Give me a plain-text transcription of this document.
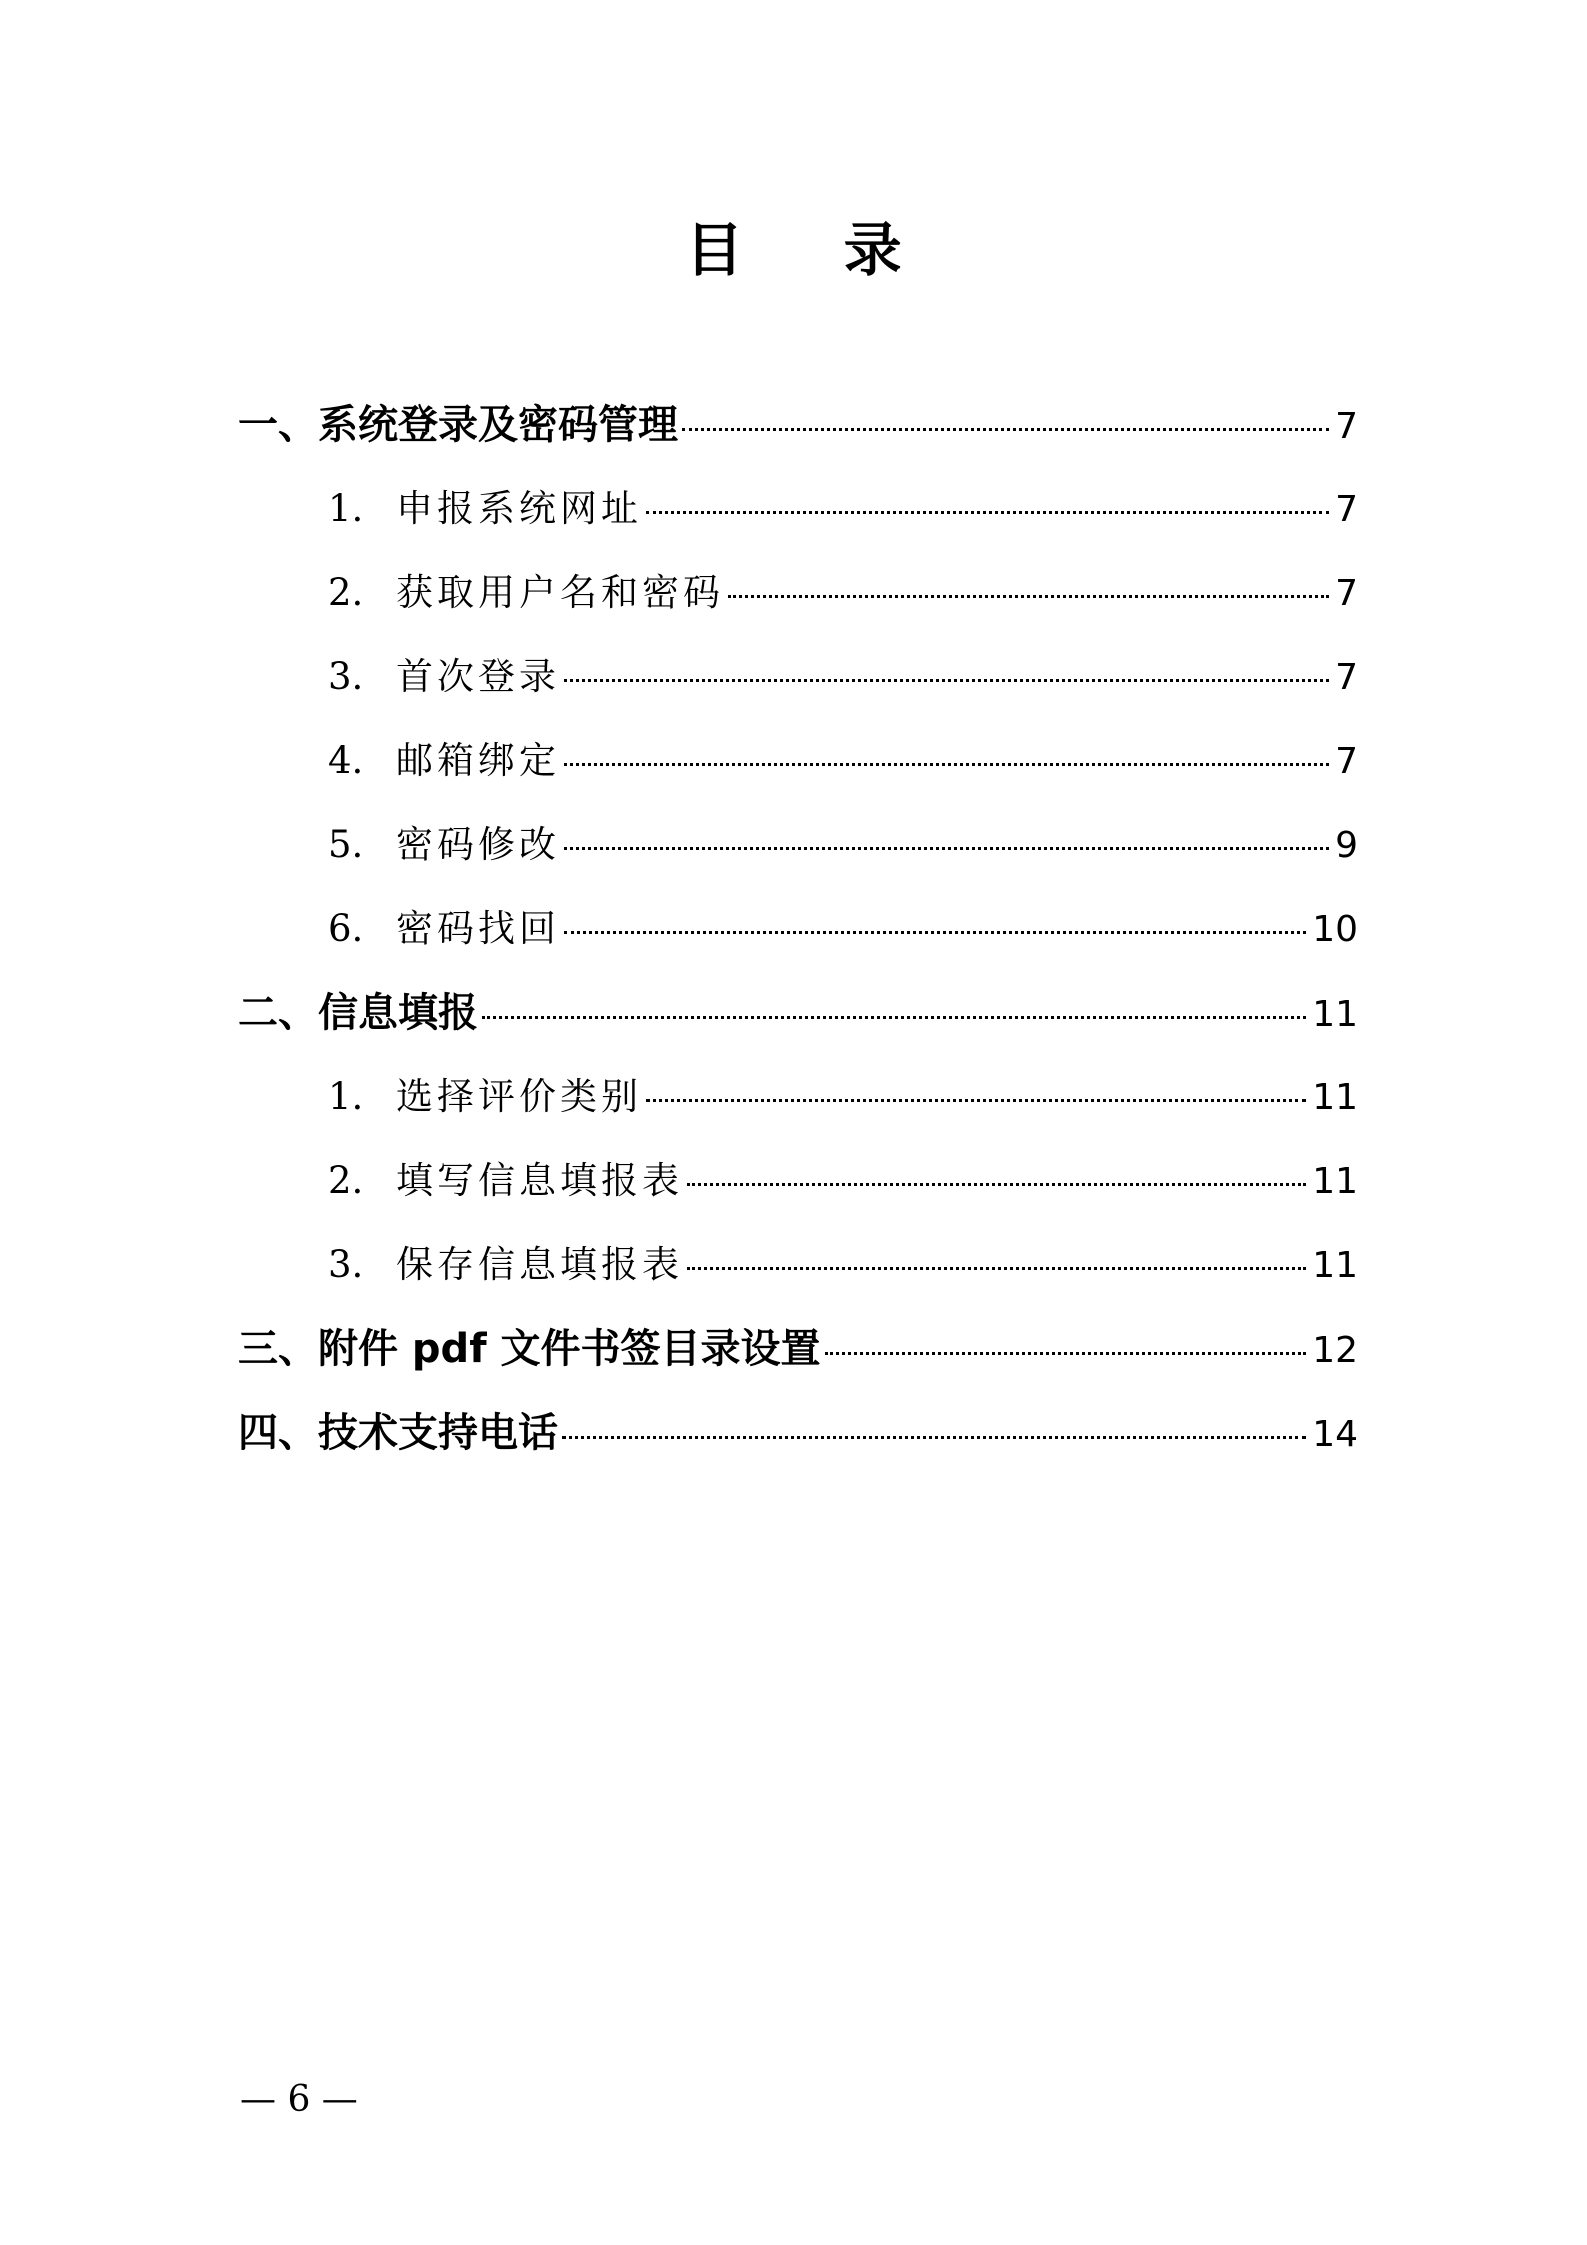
目 录
一、 系统登录及密码管理	7
1. 申报系统网址	7
2. 获取用户名和密码	7
3. 首次登录	7
4. 邮箱绑定	7
5. 密码修改	9
6. 密码找回	10
二、 信息填报	11
1. 选择评价类别	11
2. 填写信息填报表	11
3. 保存信息填报表	11
三、 附件 pdf 文件书签目录设置	12
四、 技术支持电话	14
— 6 —
